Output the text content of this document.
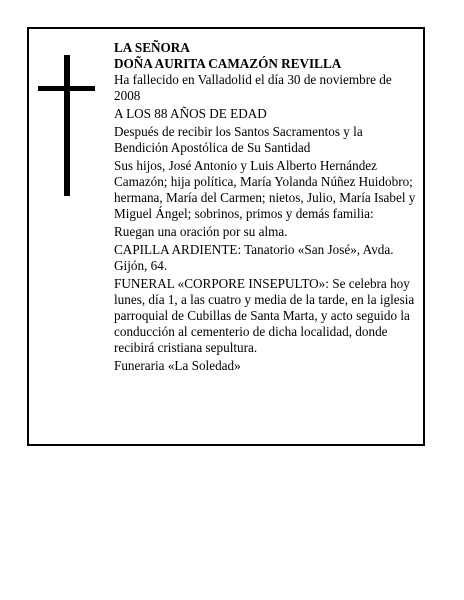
LA SEÑORA

DOÑA AURITA CAMAZÓN REVILLA

Ha fallecido en Valladolid el día 30 de noviembre de 2008

A LOS 88 AÑOS DE EDAD

Después de recibir los Santos Sacramentos y la Bendición Apostólica de Su Santidad

Sus hijos, José Antonio y Luis Alberto Hernández Camazón; hija política, María Yolanda Núñez Huidobro; hermana, María del Carmen; nietos, Julio, María Isabel y Miguel Ángel; sobrinos, primos y demás familia:

Ruegan una oración por su alma.

CAPILLA ARDIENTE: Tanatorio «San José», Avda. Gijón, 64.

FUNERAL «CORPORE INSEPULTO»: Se celebra hoy lunes, día 1, a las cuatro y media de la tarde, en la iglesia parroquial de Cubillas de Santa Marta, y acto seguido la conducción al cementerio de dicha localidad, donde recibirá cristiana sepultura.

Funeraria «La Soledad»
